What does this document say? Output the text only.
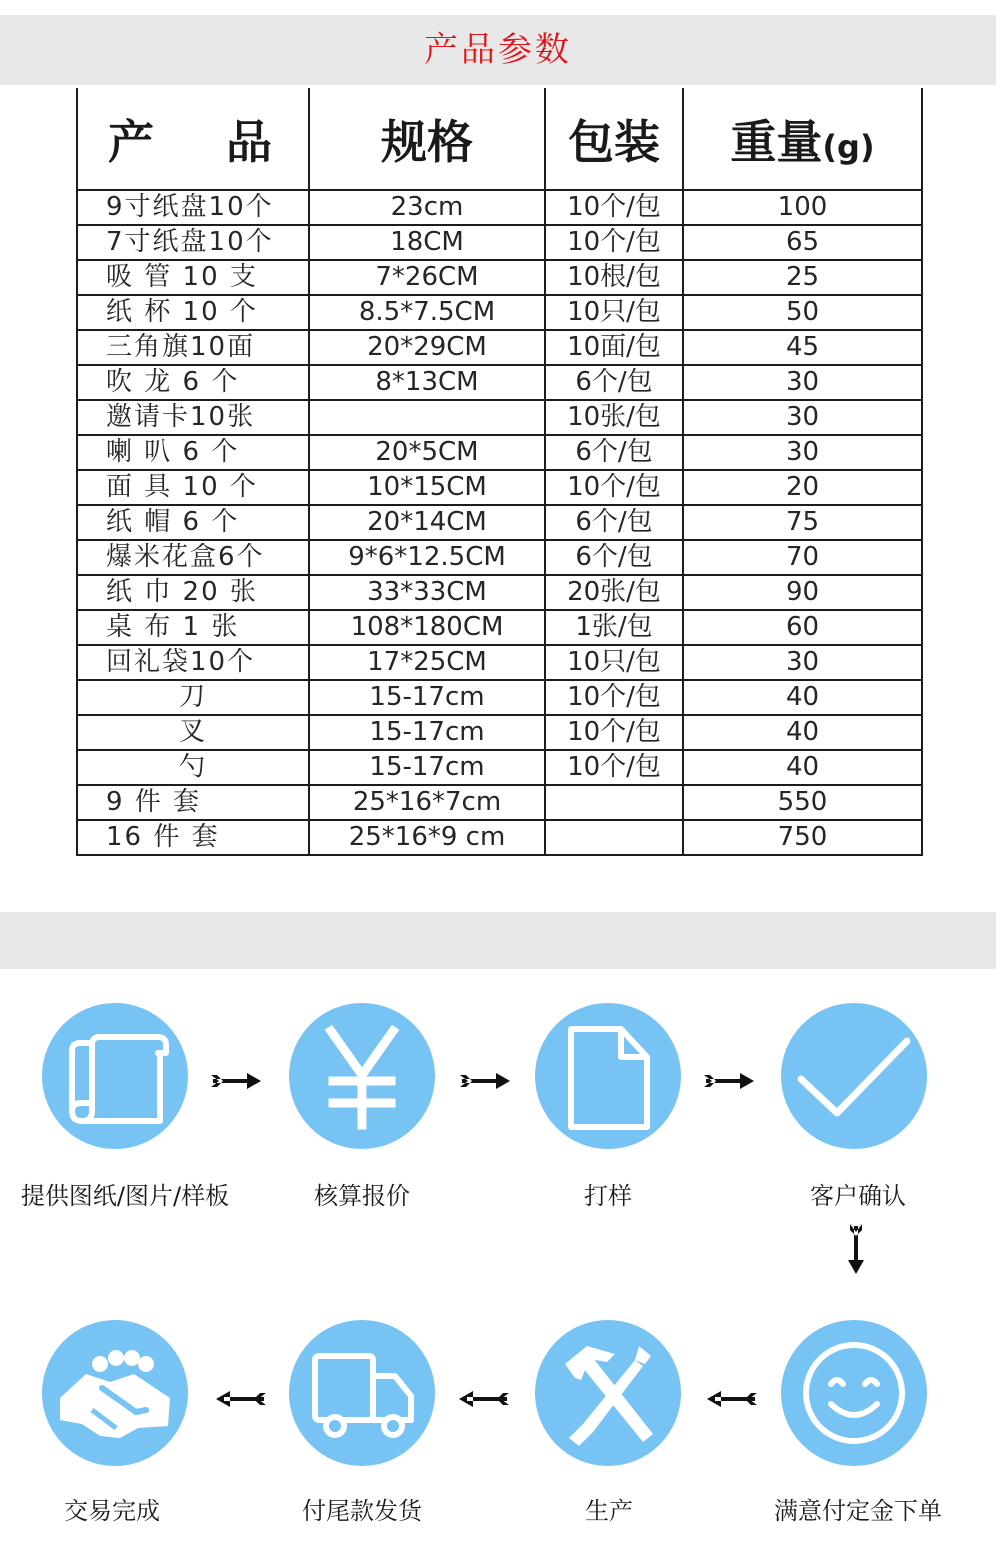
产品参数
产 品	规格	包装	重量(g)
9寸纸盘10个	23cm	10个/包	100
7寸纸盘10个	18CM	10个/包	65
吸 管 10 支	7*26CM	10根/包	25
纸 杯 10 个	8.5*7.5CM	10只/包	50
三角旗10面	20*29CM	10面/包	45
吹 龙 6 个	8*13CM	6个/包	30
邀请卡10张		10张/包	30
喇 叭 6 个	20*5CM	6个/包	30
面 具 10 个	10*15CM	10个/包	20
纸 帽 6 个	20*14CM	6个/包	75
爆米花盒6个	9*6*12.5CM	6个/包	70
纸 巾 20 张	33*33CM	20张/包	90
桌 布 1 张	108*180CM	1张/包	60
回礼袋10个	17*25CM	10只/包	30
刀	15-17cm	10个/包	40
叉	15-17cm	10个/包	40
勺	15-17cm	10个/包	40
9 件 套	25*16*7cm		550
16 件 套	25*16*9 cm		750
提供图纸/图片/样板	核算报价	打样	客户确认
交易完成	付尾款发货	生产	满意付定金下单
